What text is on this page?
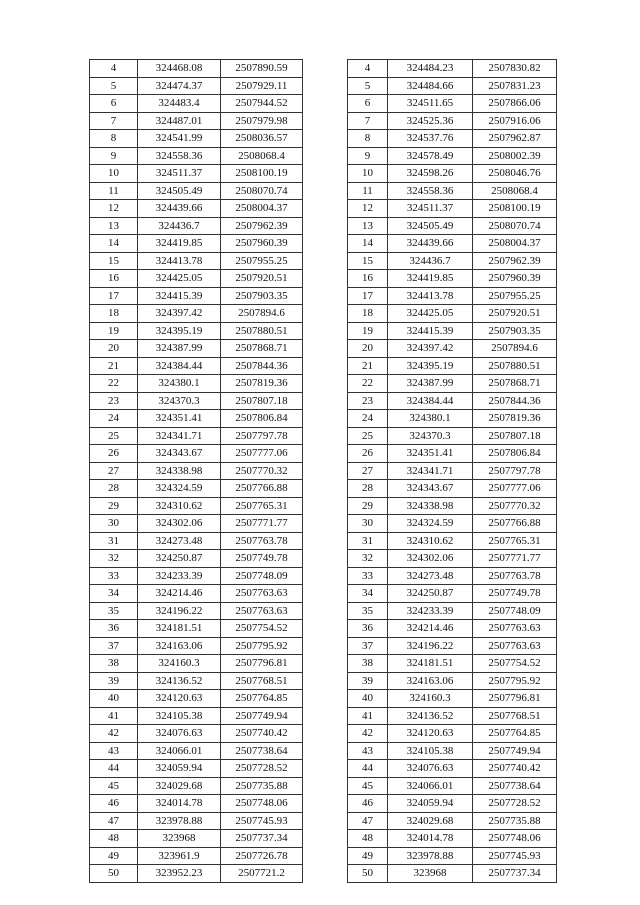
4	324468.08	2507890.59
5	324474.37	2507929.11
6	324483.4	2507944.52
7	324487.01	2507979.98
8	324541.99	2508036.57
9	324558.36	2508068.4
10	324511.37	2508100.19
11	324505.49	2508070.74
12	324439.66	2508004.37
13	324436.7	2507962.39
14	324419.85	2507960.39
15	324413.78	2507955.25
16	324425.05	2507920.51
17	324415.39	2507903.35
18	324397.42	2507894.6
19	324395.19	2507880.51
20	324387.99	2507868.71
21	324384.44	2507844.36
22	324380.1	2507819.36
23	324370.3	2507807.18
24	324351.41	2507806.84
25	324341.71	2507797.78
26	324343.67	2507777.06
27	324338.98	2507770.32
28	324324.59	2507766.88
29	324310.62	2507765.31
30	324302.06	2507771.77
31	324273.48	2507763.78
32	324250.87	2507749.78
33	324233.39	2507748.09
34	324214.46	2507763.63
35	324196.22	2507763.63
36	324181.51	2507754.52
37	324163.06	2507795.92
38	324160.3	2507796.81
39	324136.52	2507768.51
40	324120.63	2507764.85
41	324105.38	2507749.94
42	324076.63	2507740.42
43	324066.01	2507738.64
44	324059.94	2507728.52
45	324029.68	2507735.88
46	324014.78	2507748.06
47	323978.88	2507745.93
48	323968	2507737.34
49	323961.9	2507726.78
50	323952.23	2507721.2
4	324484.23	2507830.82
5	324484.66	2507831.23
6	324511.65	2507866.06
7	324525.36	2507916.06
8	324537.76	2507962.87
9	324578.49	2508002.39
10	324598.26	2508046.76
11	324558.36	2508068.4
12	324511.37	2508100.19
13	324505.49	2508070.74
14	324439.66	2508004.37
15	324436.7	2507962.39
16	324419.85	2507960.39
17	324413.78	2507955.25
18	324425.05	2507920.51
19	324415.39	2507903.35
20	324397.42	2507894.6
21	324395.19	2507880.51
22	324387.99	2507868.71
23	324384.44	2507844.36
24	324380.1	2507819.36
25	324370.3	2507807.18
26	324351.41	2507806.84
27	324341.71	2507797.78
28	324343.67	2507777.06
29	324338.98	2507770.32
30	324324.59	2507766.88
31	324310.62	2507765.31
32	324302.06	2507771.77
33	324273.48	2507763.78
34	324250.87	2507749.78
35	324233.39	2507748.09
36	324214.46	2507763.63
37	324196.22	2507763.63
38	324181.51	2507754.52
39	324163.06	2507795.92
40	324160.3	2507796.81
41	324136.52	2507768.51
42	324120.63	2507764.85
43	324105.38	2507749.94
44	324076.63	2507740.42
45	324066.01	2507738.64
46	324059.94	2507728.52
47	324029.68	2507735.88
48	324014.78	2507748.06
49	323978.88	2507745.93
50	323968	2507737.34
